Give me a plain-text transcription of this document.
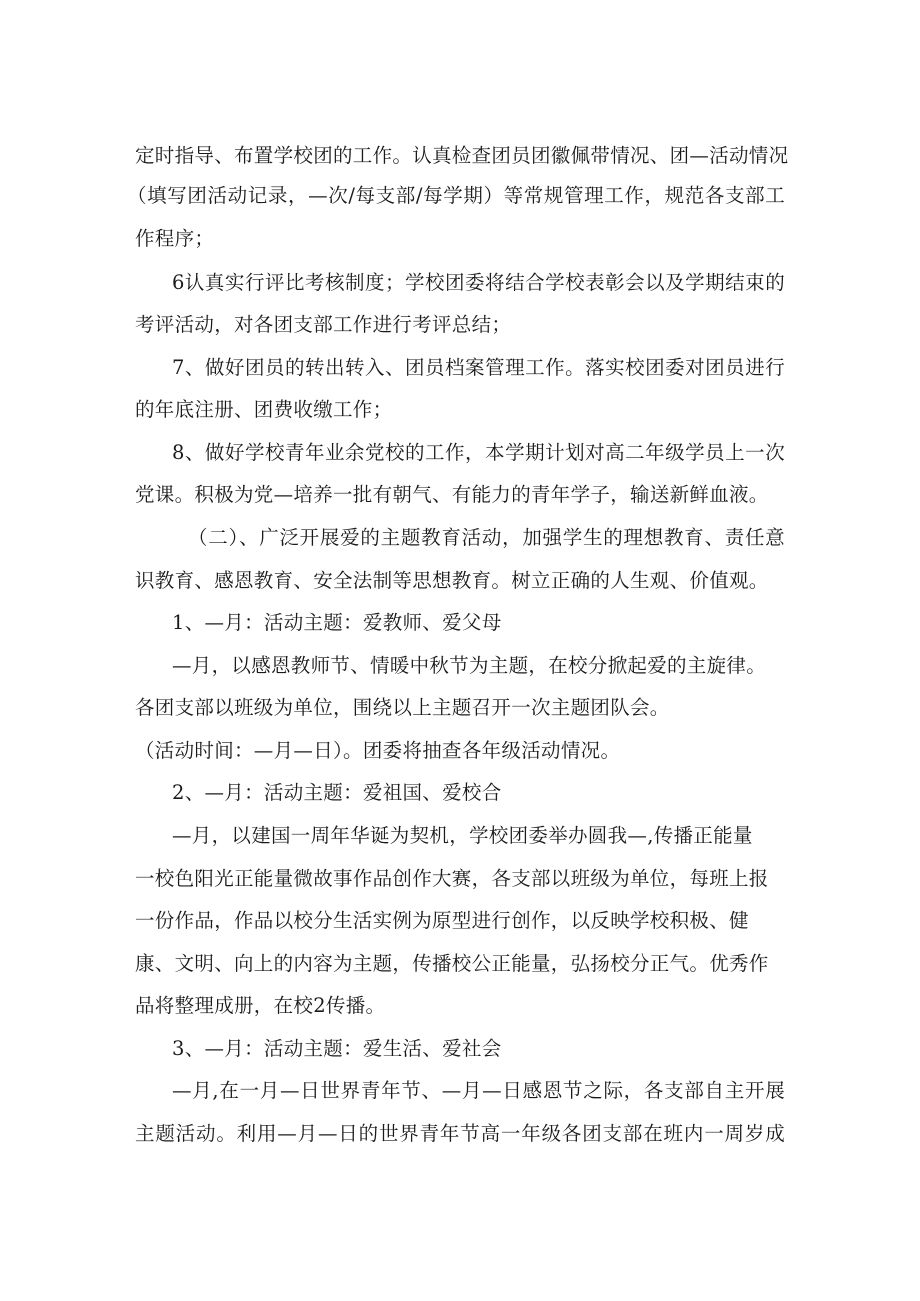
定时指导、布置学校团的工作。认真检查团员团徽佩带情况、团—活动情况
（填写团活动记录，—次/每支部/每学期）等常规管理工作，规范各支部工
作程序；
6认真实行评比考核制度；学校团委将结合学校表彰会以及学期结束的
考评活动，对各团支部工作进行考评总结；
7、做好团员的转出转入、团员档案管理工作。落实校团委对团员进行
的年底注册、团费收缴工作；
8、做好学校青年业余党校的工作，本学期计划对高二年级学员上一次
党课。积极为党—培养一批有朝气、有能力的青年学子，输送新鲜血液。
（二）、广泛开展爱的主题教育活动，加强学生的理想教育、责任意
识教育、感恩教育、安全法制等思想教育。树立正确的人生观、价值观。
1、—月：活动主题：爱教师、爱父母
—月，以感恩教师节、情暖中秋节为主题，在校分掀起爱的主旋律。
各团支部以班级为单位，围绕以上主题召开一次主题团队会。
（活动时间：—月—日）。团委将抽查各年级活动情况。
2、—月：活动主题：爱祖国、爱校合
—月，以建国一周年华诞为契机，学校团委举办圆我—,传播正能量
一校色阳光正能量微故事作品创作大赛，各支部以班级为单位，每班上报
一份作品，作品以校分生活实例为原型进行创作，以反映学校积极、健
康、文明、向上的内容为主题，传播校公正能量，弘扬校分正气。优秀作
品将整理成册，在校2传播。
3、—月：活动主题：爱生活、爱社会
—月,在一月—日世界青年节、—月—日感恩节之际，各支部自主开展
主题活动。利用—月—日的世界青年节高一年级各团支部在班内一周岁成
